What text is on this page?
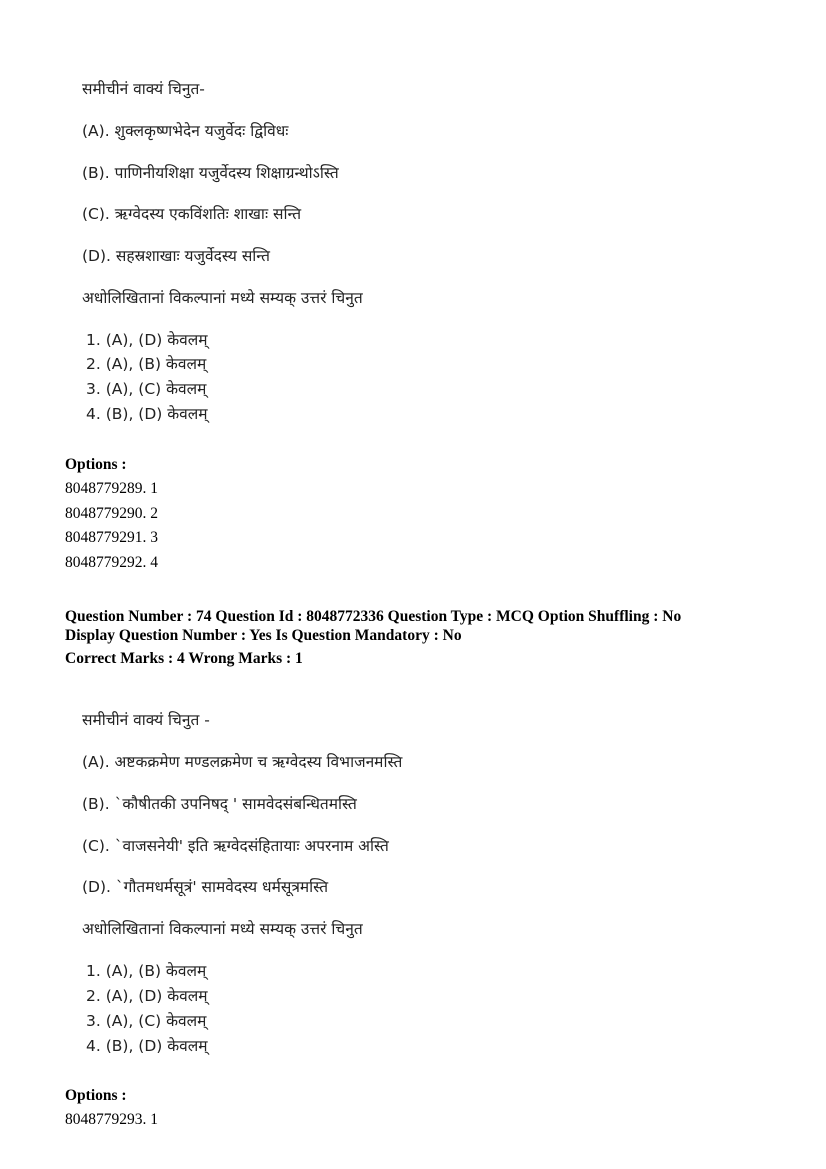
समीचीनं वाक्यं चिनुत-
(A). शुक्लकृष्णभेदेन यजुर्वेदः द्विविधः
(B). पाणिनीयशिक्षा यजुर्वेदस्य शिक्षाग्रन्थोऽस्ति
(C). ऋग्वेदस्य एकविंशतिः शाखाः सन्ति
(D). सहस्रशाखाः यजुर्वेदस्य सन्ति
अधोलिखितानां विकल्पानां मध्ये सम्यक् उत्तरं चिनुत
1. (A), (D) केवलम्
2. (A), (B) केवलम्
3. (A), (C) केवलम्
4. (B), (D) केवलम्
Options :
8048779289. 1
8048779290. 2
8048779291. 3
8048779292. 4
Question Number : 74 Question Id : 8048772336 Question Type : MCQ Option Shuffling : No
Display Question Number : Yes Is Question Mandatory : No
Correct Marks : 4 Wrong Marks : 1
समीचीनं वाक्यं चिनुत -
(A). अष्टकक्रमेण मण्डलक्रमेण च ऋग्वेदस्य विभाजनमस्ति
(B). `कौषीतकी उपनिषद् ' सामवेदसंबन्धितमस्ति
(C). `वाजसनेयी' इति ऋग्वेदसंहितायाः अपरनाम अस्ति
(D). `गौतमधर्मसूत्रं' सामवेदस्य धर्मसूत्रमस्ति
अधोलिखितानां विकल्पानां मध्ये सम्यक् उत्तरं चिनुत
1. (A), (B) केवलम्
2. (A), (D) केवलम्
3. (A), (C) केवलम्
4. (B), (D) केवलम्
Options :
8048779293. 1
